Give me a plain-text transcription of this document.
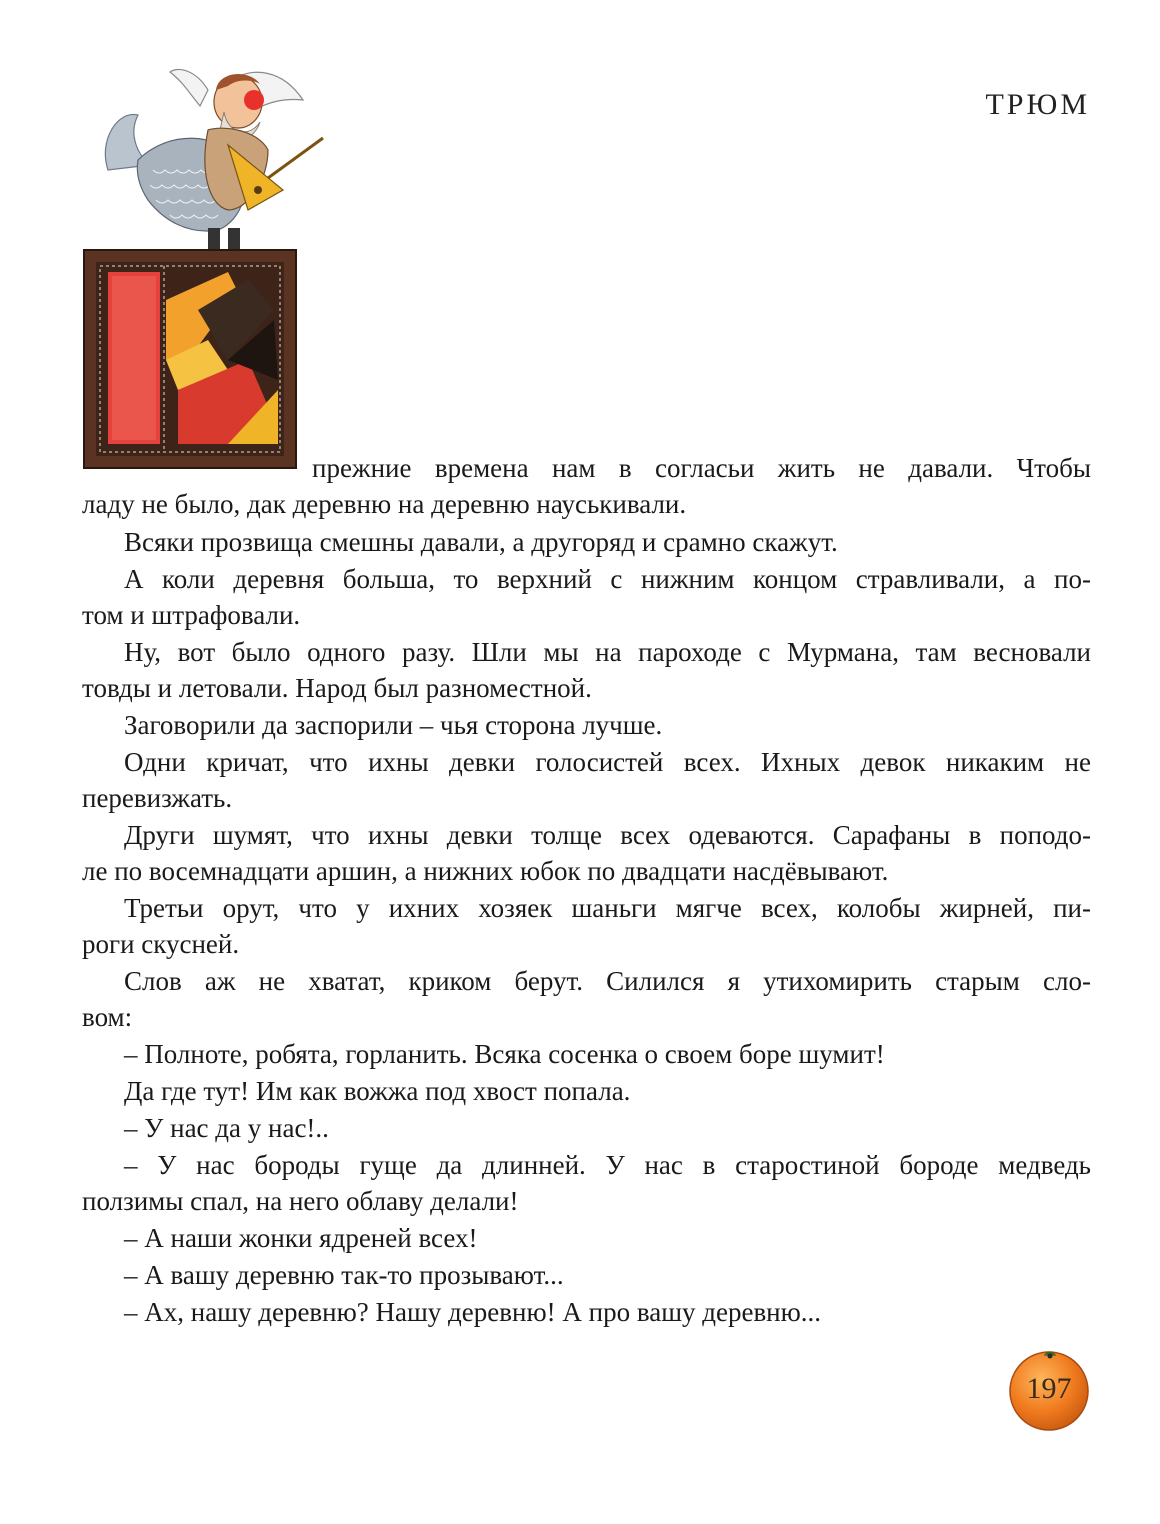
ТРЮМ
прежние времена нам в согласьи жить не давали. Чтобы
ладу не было, дак деревню на деревню науськивали.
Всяки прозвища смешны давали, а другоряд и срамно скажут.
А коли деревня больша, то верхний с нижним концом стравливали, а по-
том и штрафовали.
Ну, вот было одного разу. Шли мы на пароходе с Мурмана, там весновали
товды и летовали. Народ был разноместной.
Заговорили да заспорили – чья сторона лучше.
Одни кричат, что ихны девки голосистей всех. Ихных девок никаким не
перевизжать.
Други шумят, что ихны девки толще всех одеваются. Сарафаны в поподо-
ле по восемнадцати аршин, а нижних юбок по двадцати насдёвывают.
Третьи орут, что у ихних хозяек шаньги мягче всех, колобы жирней, пи-
роги скусней.
Слов аж не хватат, криком берут. Силился я утихомирить старым сло-
вом:
– Полноте, робята, горланить. Всяка сосенка о своем боре шумит!
Да где тут! Им как вожжа под хвост попала.
– У нас да у нас!..
– У нас бороды гуще да длинней. У нас в старостиной бороде медведь
ползимы спал, на него облаву делали!
– А наши жонки ядреней всех!
– А вашу деревню так-то прозывают...
– Ах, нашу деревню? Нашу деревню! А про вашу деревню...
197
